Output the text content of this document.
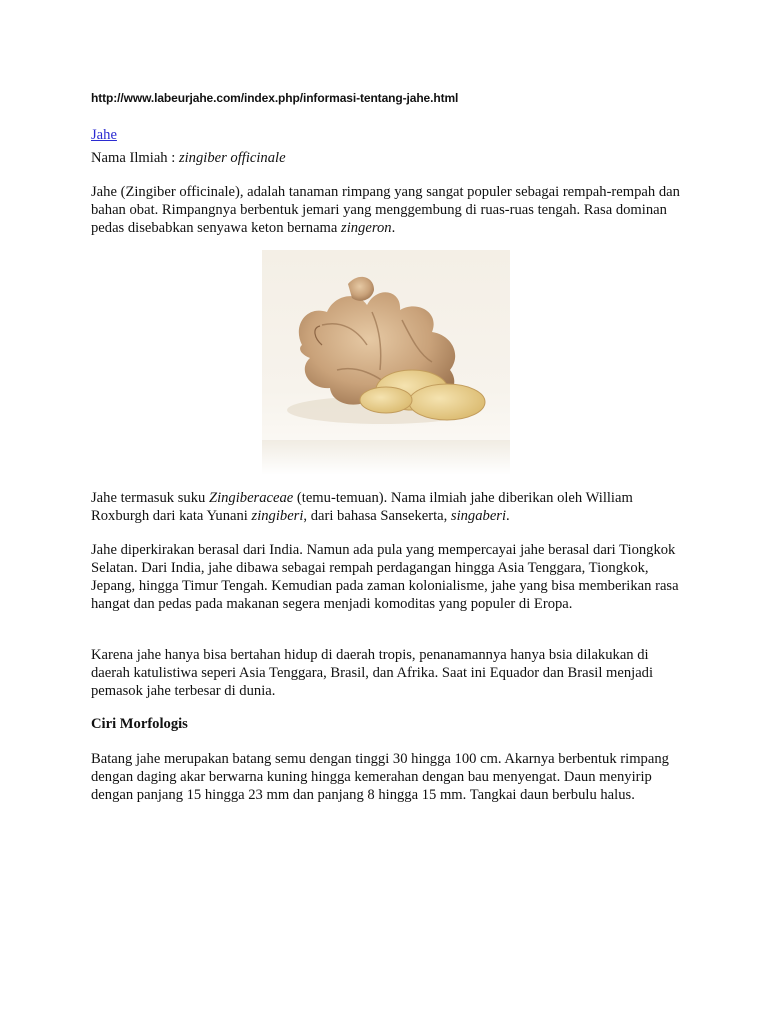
http://www.labeurjahe.com/index.php/informasi-tentang-jahe.html
Jahe
Nama Ilmiah : zingiber officinale

Jahe (Zingiber officinale), adalah tanaman rimpang yang sangat populer sebagai rempah-rempah dan bahan obat. Rimpangnya berbentuk jemari yang menggembung di ruas-ruas tengah. Rasa dominan pedas disebabkan senyawa keton bernama zingeron.

Jahe termasuk suku Zingiberaceae (temu-temuan). Nama ilmiah jahe diberikan oleh William Roxburgh dari kata Yunani zingiberi, dari bahasa Sansekerta, singaberi.

Jahe diperkirakan berasal dari India. Namun ada pula yang mempercayai jahe berasal dari Tiongkok Selatan. Dari India, jahe dibawa sebagai rempah perdagangan hingga Asia Tenggara, Tiongkok, Jepang, hingga Timur Tengah. Kemudian pada zaman kolonialisme, jahe yang bisa memberikan rasa hangat dan pedas pada makanan segera menjadi komoditas yang populer di Eropa.

Karena jahe hanya bisa bertahan hidup di daerah tropis, penanamannya hanya bsia dilakukan di daerah katulistiwa seperi Asia Tenggara, Brasil, dan Afrika. Saat ini Equador dan Brasil menjadi pemasok jahe terbesar di dunia.

Ciri Morfologis

Batang jahe merupakan batang semu dengan tinggi 30 hingga 100 cm. Akarnya berbentuk rimpang dengan daging akar berwarna kuning hingga kemerahan dengan bau menyengat. Daun menyirip dengan panjang 15 hingga 23 mm dan panjang 8 hingga 15 mm. Tangkai daun berbulu halus.
